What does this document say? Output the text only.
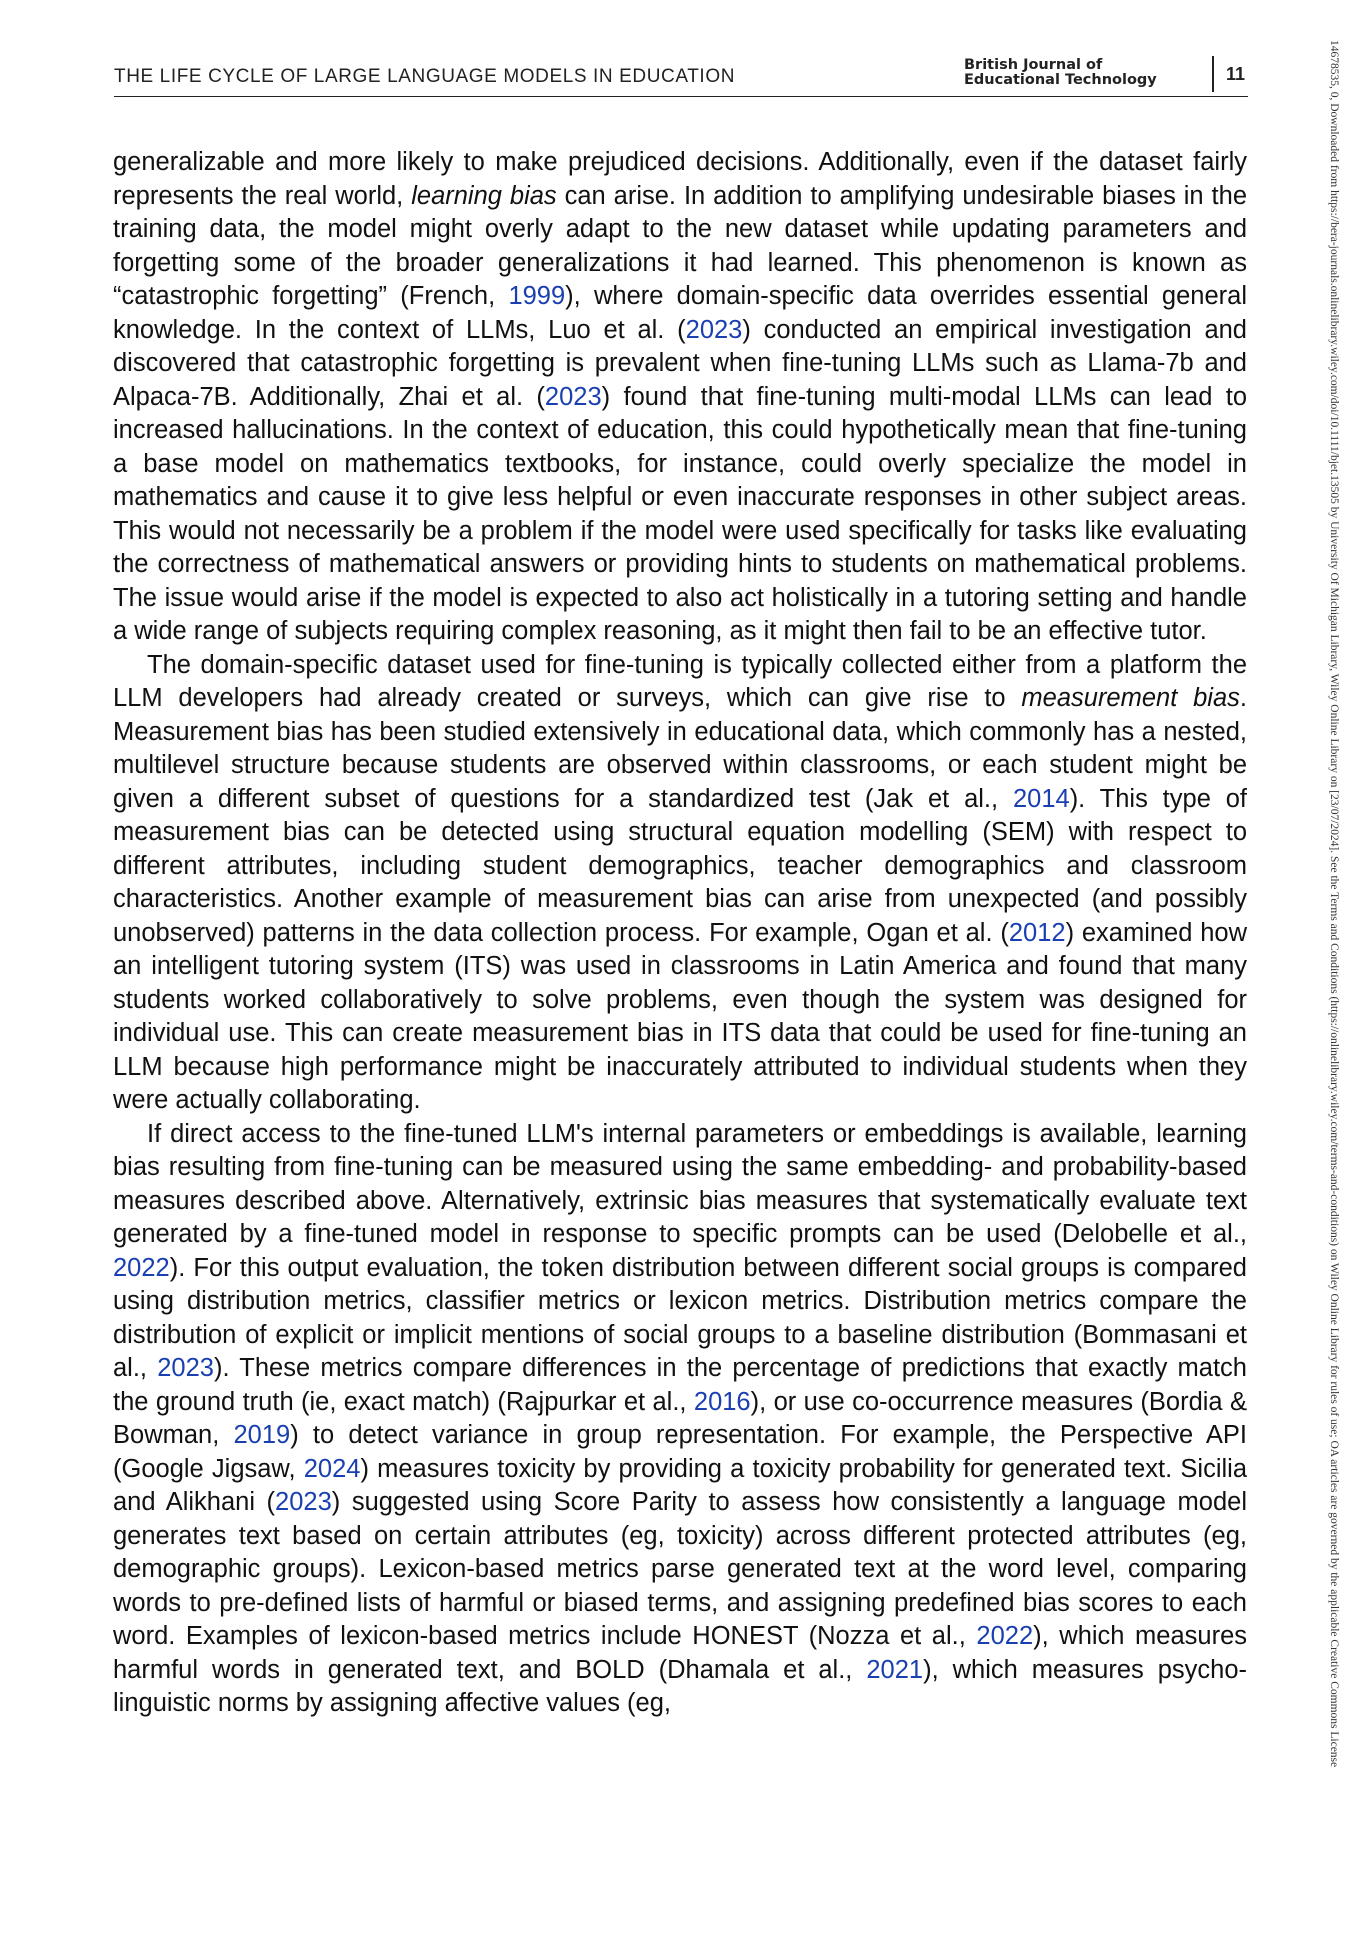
THE LIFE CYCLE OF LARGE LANGUAGE MODELS IN EDUCATION
British Journal of
Educational Technology	11

generalizable and more likely to make prejudiced decisions. Additionally, even if the dataset fairly represents the real world, learning bias can arise. In addition to amplifying undesirable biases in the training data, the model might overly adapt to the new dataset while updating parameters and forgetting some of the broader generalizations it had learned. This phenomenon is known as “catastrophic forgetting” (French, 1999), where domain-specific data overrides essential general knowledge. In the context of LLMs, Luo et al. (2023) conducted an empirical investigation and discovered that catastrophic forgetting is prevalent when fine-tuning LLMs such as Llama-7b and Alpaca-7B. Additionally, Zhai et al. (2023) found that fine-tuning multi-modal LLMs can lead to increased hallucinations. In the context of education, this could hypothetically mean that fine-tuning a base model on mathematics textbooks, for instance, could overly specialize the model in mathematics and cause it to give less helpful or even inaccurate responses in other subject areas. This would not necessarily be a problem if the model were used specifically for tasks like evaluating the correctness of mathematical answers or providing hints to students on mathematical problems. The issue would arise if the model is expected to also act holistically in a tutoring setting and handle a wide range of subjects requiring complex reasoning, as it might then fail to be an effective tutor.

The domain-specific dataset used for fine-tuning is typically collected either from a platform the LLM developers had already created or surveys, which can give rise to measurement bias. Measurement bias has been studied extensively in educational data, which commonly has a nested, multilevel structure because students are observed within classrooms, or each student might be given a different subset of questions for a standardized test (Jak et al., 2014). This type of measurement bias can be detected using structural equation modelling (SEM) with respect to different attributes, including student demographics, teacher demographics and classroom characteristics. Another example of measurement bias can arise from unexpected (and possibly unobserved) patterns in the data collection process. For example, Ogan et al. (2012) examined how an intelligent tutoring system (ITS) was used in classrooms in Latin America and found that many students worked collaboratively to solve problems, even though the system was designed for individual use. This can create measurement bias in ITS data that could be used for fine-tuning an LLM because high performance might be inaccurately attributed to individual students when they were actually collaborating.

If direct access to the fine-tuned LLM's internal parameters or embeddings is available, learning bias resulting from fine-tuning can be measured using the same embedding- and probability-based measures described above. Alternatively, extrinsic bias measures that systematically evaluate text generated by a fine-tuned model in response to specific prompts can be used (Delobelle et al., 2022). For this output evaluation, the token distribution between different social groups is compared using distribution metrics, classifier metrics or lexicon metrics. Distribution metrics compare the distribution of explicit or implicit mentions of social groups to a baseline distribution (Bommasani et al., 2023). These metrics compare differences in the percentage of predictions that exactly match the ground truth (ie, exact match) (Rajpurkar et al., 2016), or use co-occurrence measures (Bordia & Bowman, 2019) to detect variance in group representation. For example, the Perspective API (Google Jigsaw, 2024) measures toxicity by providing a toxicity probability for generated text. Sicilia and Alikhani (2023) suggested using Score Parity to assess how consistently a language model generates text based on certain attributes (eg, toxicity) across different protected attributes (eg, demographic groups). Lexicon-based metrics parse generated text at the word level, comparing words to pre-defined lists of harmful or biased terms, and assigning predefined bias scores to each word. Examples of lexicon-based metrics include HONEST (Nozza et al., 2022), which measures harmful words in generated text, and BOLD (Dhamala et al., 2021), which measures psycho-linguistic norms by assigning affective values (eg,	14678535, 0, Downloaded from https://bera-journals.onlinelibrary.wiley.com/doi/10.1111/bjet.13505 by University Of Michigan Library, Wiley Online Library on [23/07/2024]. See the Terms and Conditions (https://onlinelibrary.wiley.com/terms-and-conditions) on Wiley Online Library for rules of use; OA articles are governed by the applicable Creative Commons License
